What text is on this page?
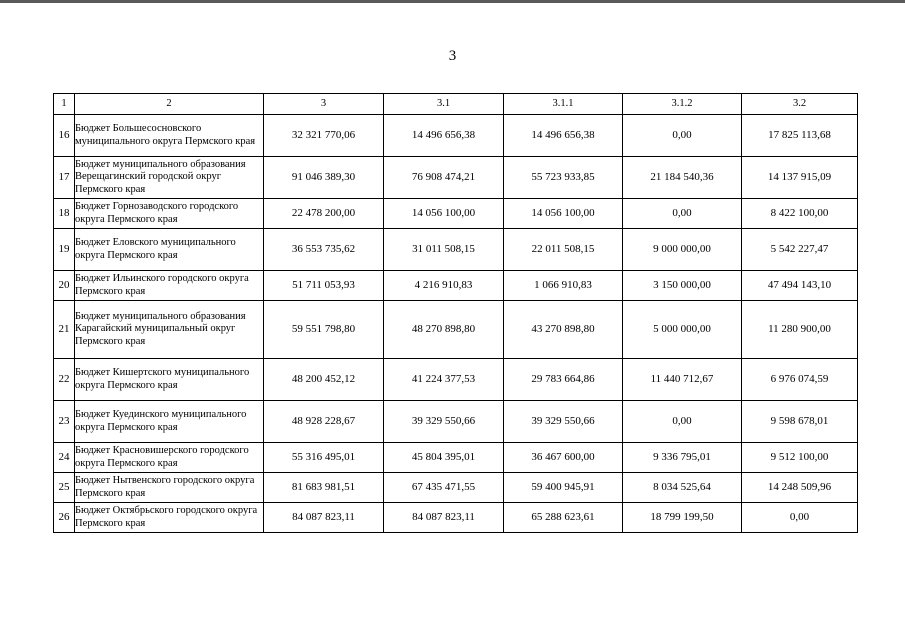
3
1	2	3	3.1	3.1.1	3.1.2	3.2
16	Бюджет Большесосновского муниципального округа Пермского края	32 321 770,06	14 496 656,38	14 496 656,38	0,00	17 825 113,68
17	Бюджет муниципального образования Верещагинский городской округ Пермского края	91 046 389,30	76 908 474,21	55 723 933,85	21 184 540,36	14 137 915,09
18	Бюджет Горнозаводского городского округа Пермского края	22 478 200,00	14 056 100,00	14 056 100,00	0,00	8 422 100,00
19	Бюджет Еловского муниципального округа Пермского края	36 553 735,62	31 011 508,15	22 011 508,15	9 000 000,00	5 542 227,47
20	Бюджет Ильинского городского округа Пермского края	51 711 053,93	4 216 910,83	1 066 910,83	3 150 000,00	47 494 143,10
21	Бюджет муниципального образования Карагайский муниципальный округ Пермского края	59 551 798,80	48 270 898,80	43 270 898,80	5 000 000,00	11 280 900,00
22	Бюджет Кишертского муниципального округа Пермского края	48 200 452,12	41 224 377,53	29 783 664,86	11 440 712,67	6 976 074,59
23	Бюджет Куединского муниципального округа Пермского края	48 928 228,67	39 329 550,66	39 329 550,66	0,00	9 598 678,01
24	Бюджет Красновишерского городского округа Пермского края	55 316 495,01	45 804 395,01	36 467 600,00	9 336 795,01	9 512 100,00
25	Бюджет Нытвенского городского округа Пермского края	81 683 981,51	67 435 471,55	59 400 945,91	8 034 525,64	14 248 509,96
26	Бюджет Октябрьского городского округа Пермского края	84 087 823,11	84 087 823,11	65 288 623,61	18 799 199,50	0,00
